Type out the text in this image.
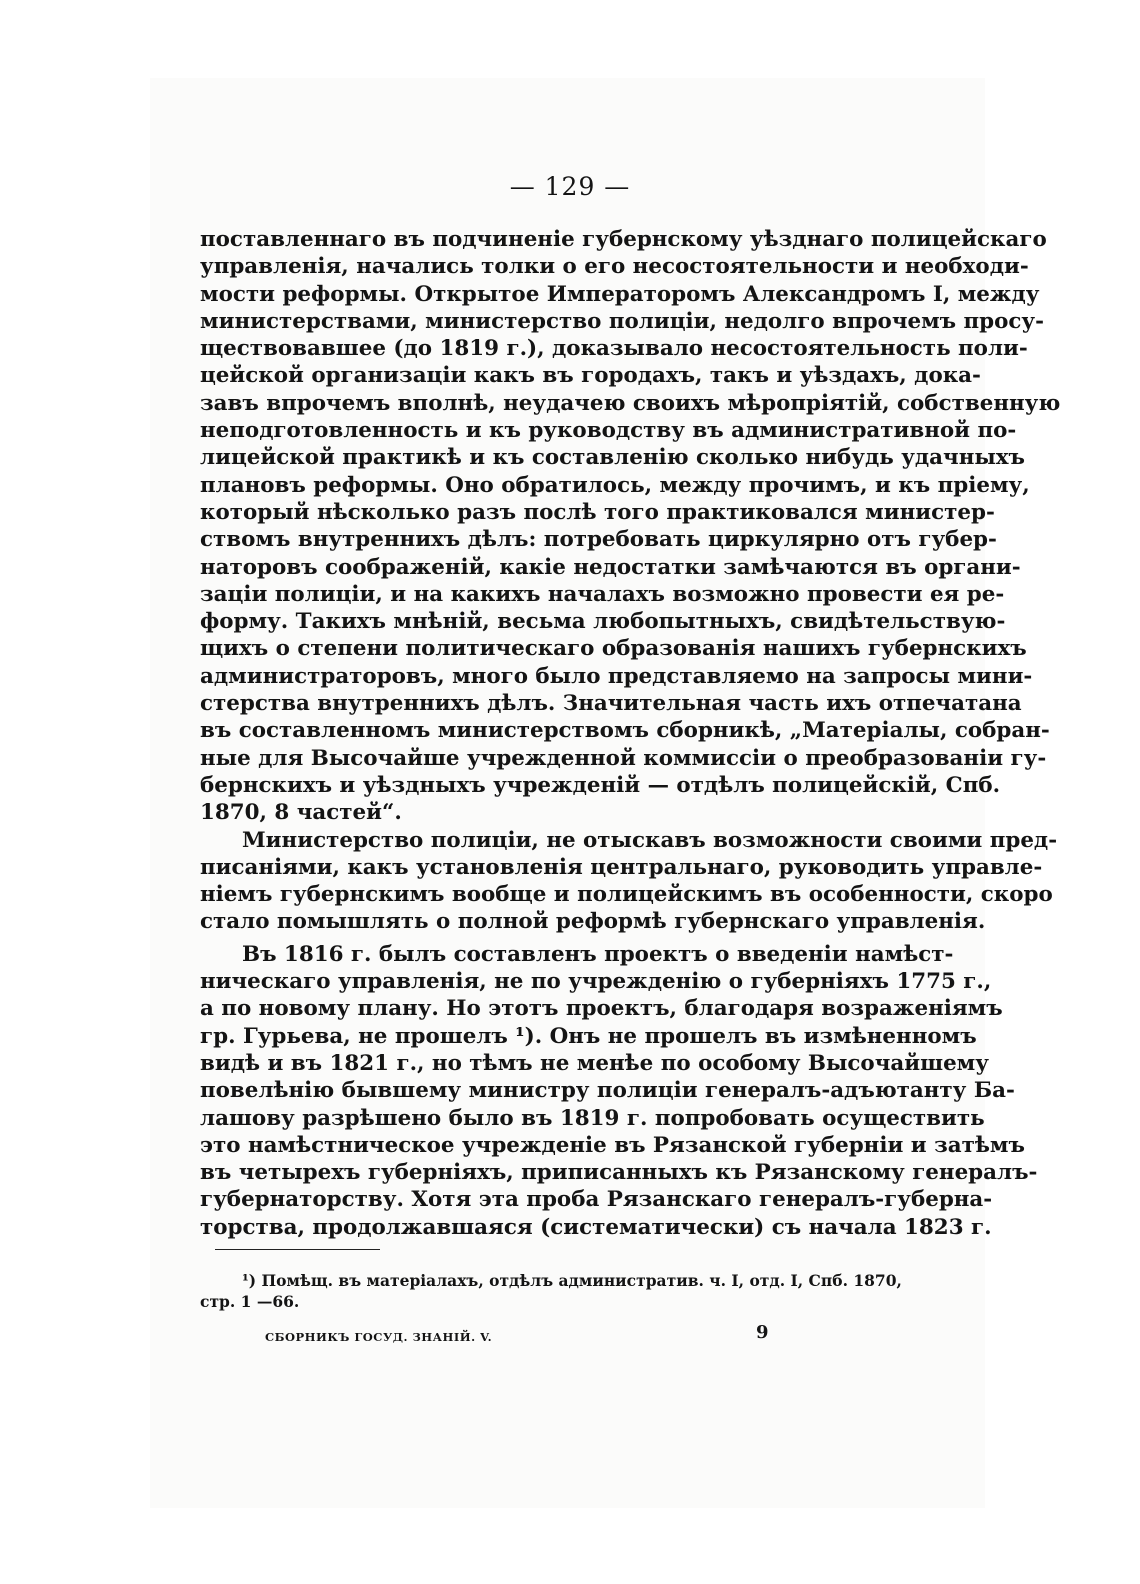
— 129 —

поставленнаго въ подчиненіе губернскому уѣзднаго полицейскаго
управленія, начались толки о его несостоятельности и необходи-
мости реформы. Открытое Императоромъ Александромъ I, между
министерствами, министерство полиціи, недолго впрочемъ просу-
ществовавшее (до 1819 г.), доказывало несостоятельность поли-
цейской организаціи какъ въ городахъ, такъ и уѣздахъ, дока-
завъ впрочемъ вполнѣ, неудачею своихъ мѣропріятій, собственную
неподготовленность и къ руководству въ административной по-
лицейской практикѣ и къ составленію сколько нибудь удачныхъ
плановъ реформы. Оно обратилось, между прочимъ, и къ пріему,
который нѣсколько разъ послѣ того практиковался министер-
ствомъ внутреннихъ дѣлъ: потребовать циркулярно отъ губер-
наторовъ соображеній, какіе недостатки замѣчаются въ органи-
заціи полиціи, и на какихъ началахъ возможно провести ея ре-
форму. Такихъ мнѣній, весьма любопытныхъ, свидѣтельствую-
щихъ о степени политическаго образованія нашихъ губернскихъ
администраторовъ, много было представляемо на запросы мини-
стерства внутреннихъ дѣлъ. Значительная часть ихъ отпечатана
въ составленномъ министерствомъ сборникѣ, „Матеріалы, собран-
ные для Высочайше учрежденной коммиссіи о преобразованіи гу-
бернскихъ и уѣздныхъ учрежденій — отдѣлъ полицейскій, Спб.
1870, 8 частей“.

Министерство полиціи, не отыскавъ возможности своими пред-
писаніями, какъ установленія центральнаго, руководить управле-
ніемъ губернскимъ вообще и полицейскимъ въ особенности, скоро
стало помышлять о полной реформѣ губернскаго управленія.

Въ 1816 г. былъ составленъ проектъ о введеніи намѣст-
ническаго управленія, не по учрежденію о губерніяхъ 1775 г.,
а по новому плану. Но этотъ проектъ, благодаря возраженіямъ
гр. Гурьева, не прошелъ ¹). Онъ не прошелъ въ измѣненномъ
видѣ и въ 1821 г., но тѣмъ не менѣе по особому Высочайшему
повелѣнію бывшему министру полиціи генералъ-адъютанту Ба-
лашову разрѣшено было въ 1819 г. попробовать осуществить
это намѣстническое учрежденіе въ Рязанской губерніи и затѣмъ
въ четырехъ губерніяхъ, приписанныхъ къ Рязанскому генералъ-
губернаторству. Хотя эта проба Рязанскаго генералъ-губерна-
торства, продолжавшаяся (систематически) съ начала 1823 г.

¹) Помѣщ. въ матеріалахъ, отдѣлъ административ. ч. I, отд. I, Спб. 1870,
стр. 1 —66.
СБОРНИКЪ ГОСУД. ЗНАНІЙ. V.	9
